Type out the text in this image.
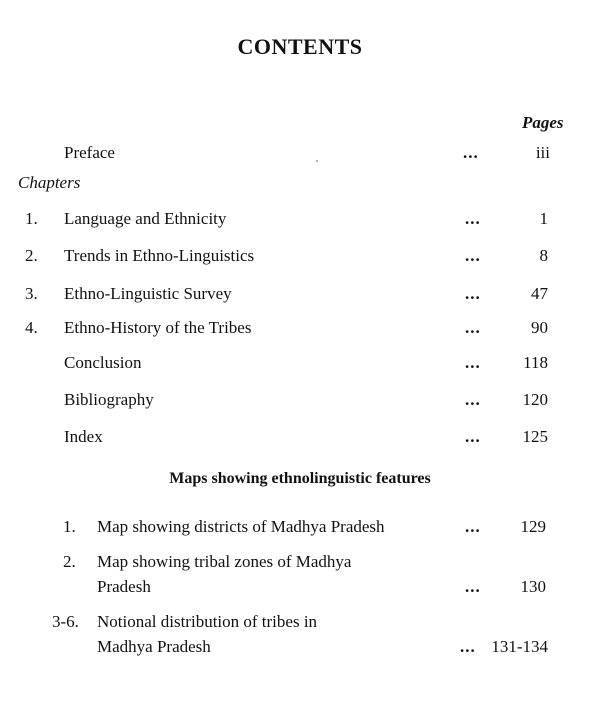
CONTENTS
Pages
Preface	...	iii
Chapters
1. Language and Ethnicity	...	1
2. Trends in Ethno-Linguistics	...	8
3. Ethno-Linguistic Survey	...	47
4. Ethno-History of the Tribes	...	90
Conclusion	...	118
Bibliography	...	120
Index	...	125
Maps showing ethnolinguistic features
1. Map showing districts of Madhya Pradesh	...	129
2. Map showing tribal zones of Madhya
Pradesh	...	130
3-6. Notional distribution of tribes in
Madhya Pradesh	... 131-134
